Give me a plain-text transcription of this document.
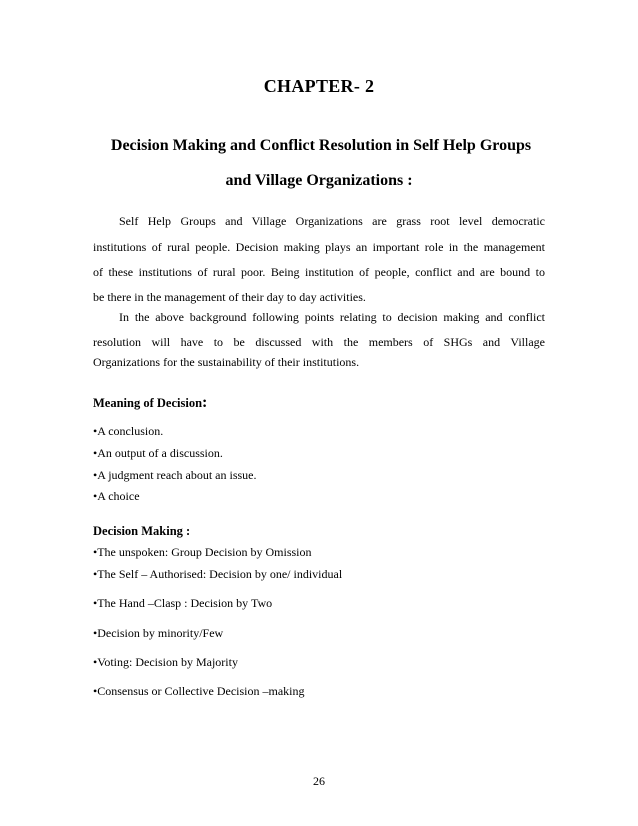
CHAPTER- 2

Decision Making and Conflict Resolution in Self Help Groups

and Village Organizations :

Self Help Groups and Village Organizations are grass root level democratic

institutions of rural people. Decision making plays an important role in the management

of these institutions of rural poor. Being institution of people, conflict and are bound to

be there in the management of their day to day activities.

In the above background following points relating to decision making and conflict

resolution will have to be discussed with the members of SHGs and Village

Organizations for the sustainability of their institutions.

Meaning of Decision:

•A conclusion.

•An output of a discussion.

•A judgment reach about an issue.

•A choice

Decision Making :

•The unspoken: Group Decision by Omission

•The Self – Authorised: Decision by one/ individual

•The Hand –Clasp : Decision by Two

•Decision by minority/Few

•Voting: Decision by Majority

•Consensus or Collective Decision –making

26
